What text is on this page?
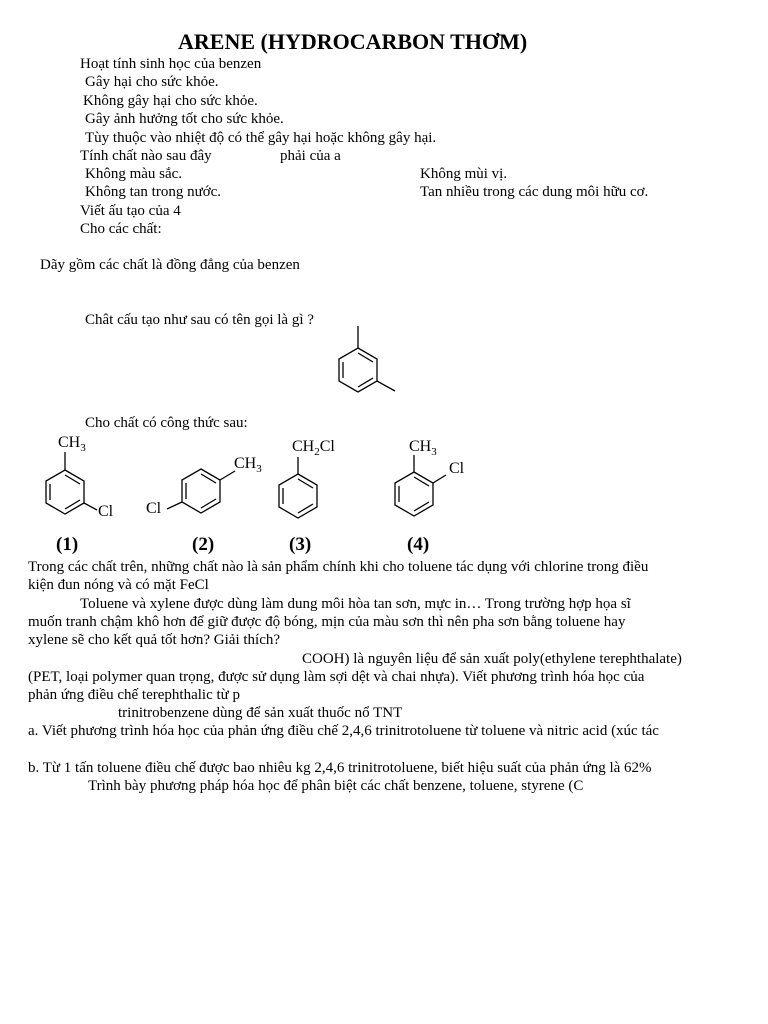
ARENE (HYDROCARBON THƠM)
Hoạt tính sinh học của benzen
Gây hại cho sức khỏe.
Không gây hại cho sức khỏe.
Gây ảnh hưởng tốt cho sức khỏe.
Tùy thuộc vào nhiệt độ có thể gây hại hoặc không gây hại.
Tính chất nào sau đây	phải của a
Không màu sắc.	Không mùi vị.
Không tan trong nước.	Tan nhiều trong các dung môi hữu cơ.
Viết ấu tạo của 4
Cho các chất:
Dãy gồm các chất là đồng đẳng của benzen
Chât cấu tạo như sau có tên gọi là gì ?
Cho chất có công thức sau:
$CH_3$
Cl
$CH_3$
Cl
$CH_2Cl$	$CH_3$
Cl
(1)	(2)	(3)	(4)
Trong các chất trên, những chất nào là sản phẩm chính khi cho toluene tác dụng với chlorine trong điều
kiện đun nóng và có mặt FeCl
Toluene và xylene được dùng làm dung môi hòa tan sơn, mực in… Trong trường hợp họa sĩ
muốn tranh chậm khô hơn để giữ được độ bóng, mịn của màu sơn thì nên pha sơn bằng toluene hay
xylene sẽ cho kết quả tốt hơn? Giải thích?
COOH) là nguyên liệu để sản xuất poly(ethylene terephthalate)
(PET, loại polymer quan trọng, được sử dụng làm sợi dệt và chai nhựa). Viết phương trình hóa học của
phản ứng điều chế terephthalic từ p
trinitrobenzene dùng để sản xuất thuốc nổ TNT
a. Viết phương trình hóa học của phản ứng điều chế 2,4,6 trinitrotoluene từ toluene và nitric acid (xúc tác
b. Từ 1 tấn toluene điều chế được bao nhiêu kg 2,4,6 trinitrotoluene, biết hiệu suất của phản ứng là 62%
Trình bày phương pháp hóa học để phân biệt các chất benzene, toluene, styrene (C
